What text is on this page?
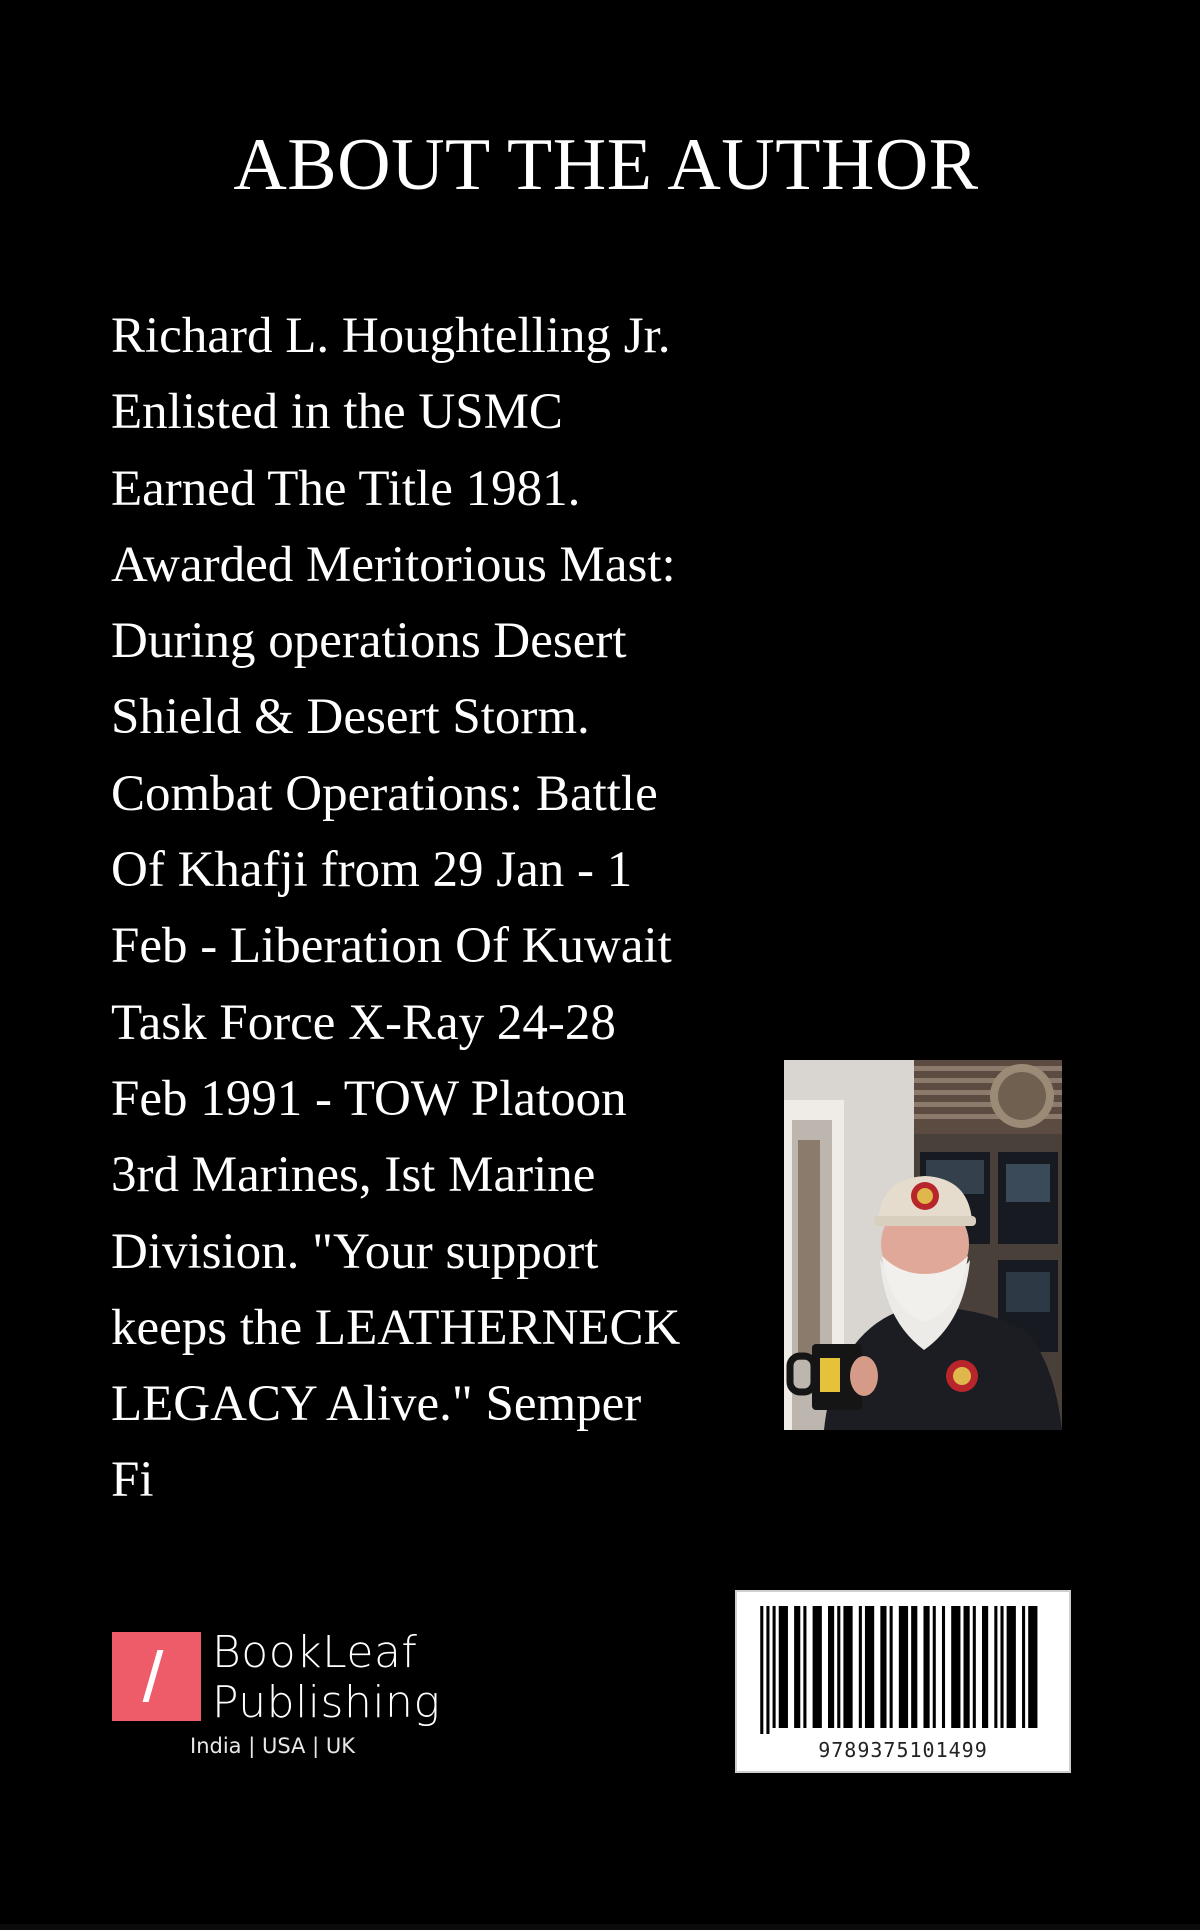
ABOUT THE AUTHOR
Richard L. Houghtelling Jr.
Enlisted in the USMC
Earned The Title 1981.
Awarded Meritorious Mast:
During operations Desert
Shield & Desert Storm.
Combat Operations: Battle
Of Khafji from 29 Jan - 1
Feb - Liberation Of Kuwait
Task Force X-Ray 24-28
Feb 1991 - TOW Platoon
3rd Marines, Ist Marine
Division. "Your support
keeps the LEATHERNECK
LEGACY Alive." Semper
Fi
BookLeaf
Publishing
India | USA | UK	9789375101499
